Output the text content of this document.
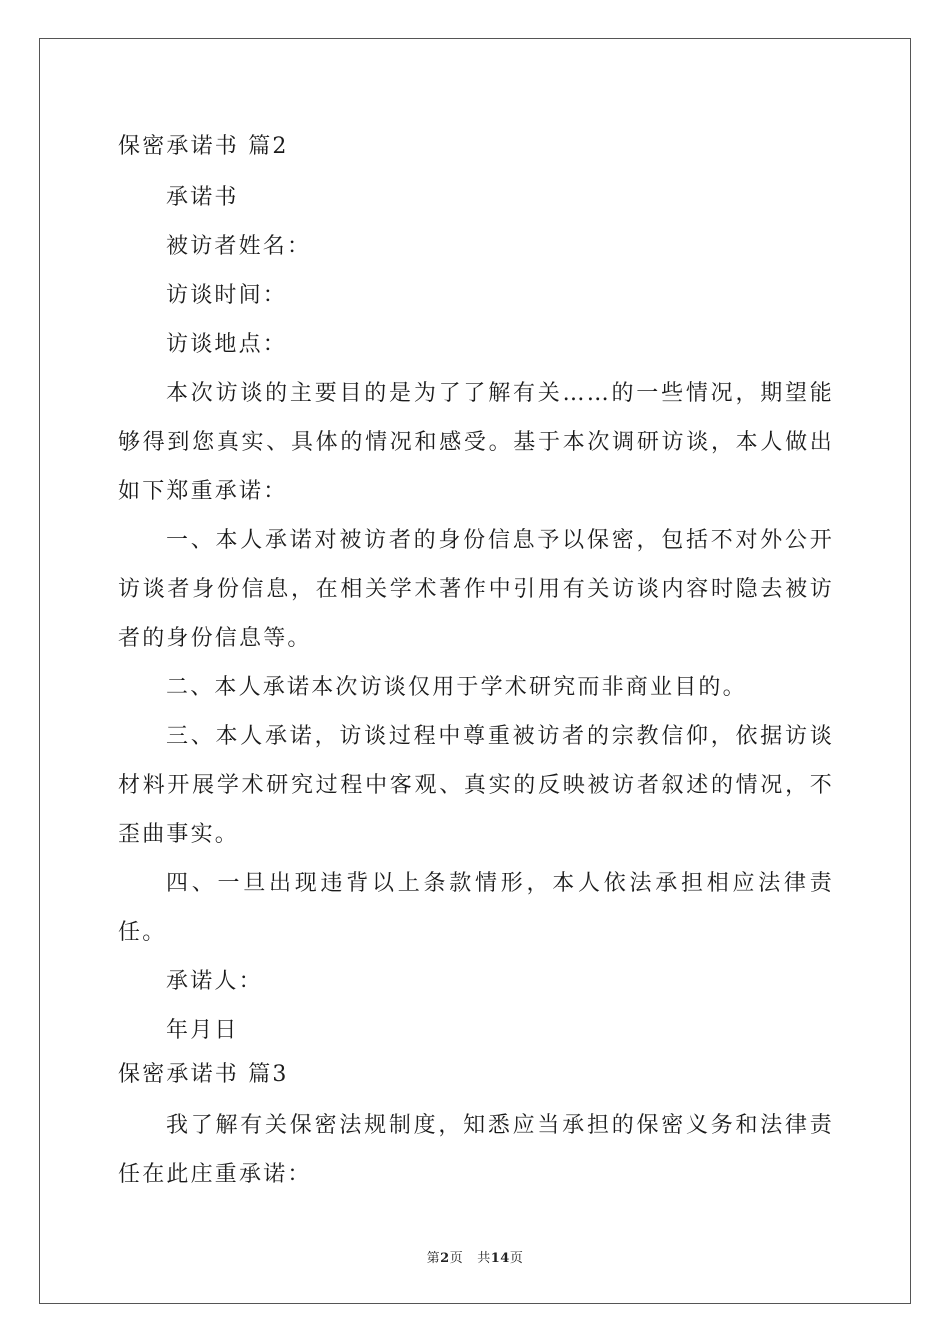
保密承诺书 篇2

承诺书

被访者姓名：

访谈时间：

访谈地点：

本次访谈的主要目的是为了了解有关……的一些情况，期望能够得到您真实、具体的情况和感受。基于本次调研访谈，本人做出如下郑重承诺：

一、本人承诺对被访者的身份信息予以保密，包括不对外公开访谈者身份信息，在相关学术著作中引用有关访谈内容时隐去被访者的身份信息等。

二、本人承诺本次访谈仅用于学术研究而非商业目的。

三、本人承诺，访谈过程中尊重被访者的宗教信仰，依据访谈材料开展学术研究过程中客观、真实的反映被访者叙述的情况，不歪曲事实。

四、一旦出现违背以上条款情形，本人依法承担相应法律责任。

承诺人：

年月日

保密承诺书 篇3

我了解有关保密法规制度，知悉应当承担的保密义务和法律责任在此庄重承诺：

第2页 共14页
